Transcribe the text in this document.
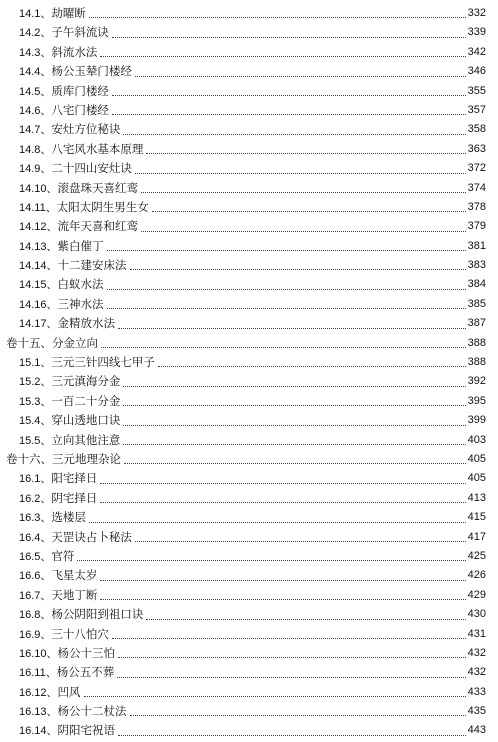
14.1、劫曜断	332
14.2、子午斜流诀	339
14.3、斜流水法	342
14.4、杨公玉辇门楼经	346
14.5、质库门楼经	355
14.6、八宅门楼经	357
14.7、安灶方位秘诀	358
14.8、八宅风水基本原理	363
14.9、二十四山安灶诀	372
14.10、滚盘珠天喜红鸾	374
14.11、太阳太阴生男生女	378
14.12、流年天喜和红鸾	379
14.13、紫白催丁	381
14.14、十二建安床法	383
14.15、白蚁水法	384
14.16、三神水法	385
14.17、金精放水法	387
卷十五、分金立向	388
15.1、三元三针四线七甲子	388
15.2、三元滇海分金	392
15.3、一百二十分金	395
15.4、穿山透地口诀	399
15.5、立向其他注意	403
卷十六、三元地理杂论	405
16.1、阳宅择日	405
16.2、阴宅择日	413
16.3、选楼层	415
16.4、天罡诀占卜秘法	417
16.5、官符	425
16.6、飞星太岁	426
16.7、天地丁断	429
16.8、杨公阴阳到祖口诀	430
16.9、三十八怕穴	431
16.10、杨公十三怕	432
16.11、杨公五不葬	432
16.12、凹风	433
16.13、杨公十二杖法	435
16.14、阴阳宅祝语	443
